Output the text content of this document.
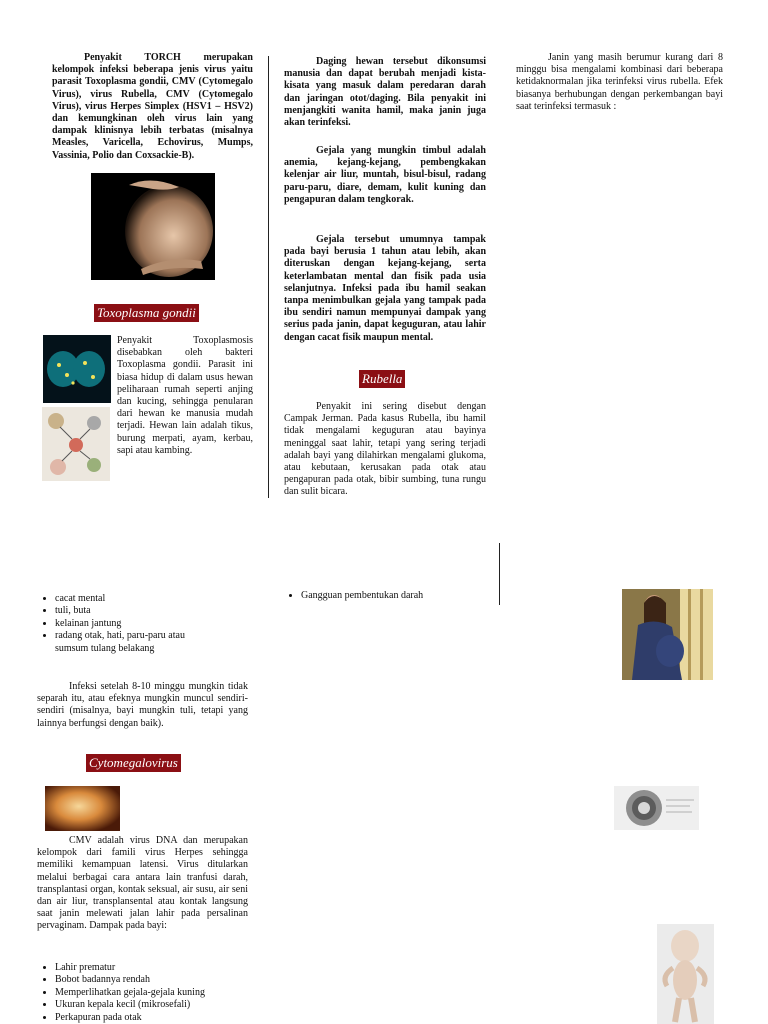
Penyakit TORCH merupakan kelompok infeksi beberapa jenis virus yaitu parasit Toxoplasma gondii, CMV (Cytomegalo Virus), virus Rubella, CMV (Cytomegalo Virus), virus Herpes Simplex (HSV1 – HSV2) dan kemungkinan oleh virus lain yang dampak klinisnya lebih terbatas (misalnya Measles, Varicella, Echovirus, Mumps, Vassinia, Polio dan Coxsackie-B).

Toxoplasma gondii

Penyakit Toxoplasmosis disebabkan oleh bakteri Toxoplasma gondii. Parasit ini biasa hidup di dalam usus hewan peliharaan rumah seperti anjing dan kucing, sehingga penularan dari hewan ke manusia mudah terjadi. Hewan lain adalah tikus, burung merpati, ayam, kerbau, sapi atau kambing.

Daging hewan tersebut dikonsumsi manusia dan dapat berubah menjadi kista-kisata yang masuk dalam peredaran darah dan jaringan otot/daging. Bila penyakit ini menjangkiti wanita hamil, maka janin juga akan terinfeksi.

Gejala yang mungkin timbul adalah anemia, kejang-kejang, pembengkakan kelenjar air liur, muntah, bisul-bisul, radang paru-paru, diare, demam, kulit kuning dan pengapuran dalam tengkorak.

Gejala tersebut umumnya tampak pada bayi berusia 1 tahun atau lebih, akan diteruskan dengan kejang-kejang, serta keterlambatan mental dan fisik pada usia selanjutnya. Infeksi pada ibu hamil seakan tanpa menimbulkan gejala yang tampak pada ibu sendiri namun mempunyai dampak yang serius pada janin, dapat keguguran, atau lahir dengan cacat fisik maupun mental.

Rubella

Penyakit ini sering disebut dengan Campak Jerman. Pada kasus Rubella, ibu hamil tidak mengalami keguguran atau bayinya meninggal saat lahir, tetapi yang sering terjadi adalah bayi yang dilahirkan mengalami glukoma, atau kebutaan, kerusakan pada otak atau pengapuran pada otak, bibir sumbing, tuna rungu dan sulit bicara.

Janin yang masih berumur kurang dari 8 minggu bisa mengalami kombinasi dari beberapa ketidaknormalan jika terinfeksi virus rubella. Efek biasanya berhubungan dengan perkembangan bayi saat terinfeksi termasuk :

• cacat mental
• tuli, buta
• kelainan jantung
• radang otak, hati, paru-paru atau sumsum tulang belakang

Infeksi setelah 8-10 minggu mungkin tidak separah itu, atau efeknya mungkin muncul sendiri-sendiri (misalnya, bayi mungkin tuli, tetapi yang lainnya berfungsi dengan baik).

Cytomegalovirus

CMV adalah virus DNA dan merupakan kelompok dari famili virus Herpes sehingga memiliki kemampuan latensi. Virus ditularkan melalui berbagai cara antara lain tranfusi darah, transplantasi organ, kontak seksual, air susu, air seni dan air liur, transplansental atau kontak langsung saat janin melewati jalan lahir pada persalinan pervaginam. Dampak pada bayi:

• Lahir prematur
• Bobot badannya rendah
• Memperlihatkan gejala-gejala kuning
• Ukuran kepala kecil (mikrosefali)
• Perkapuran pada otak
• Gangguan pembentukan darah
